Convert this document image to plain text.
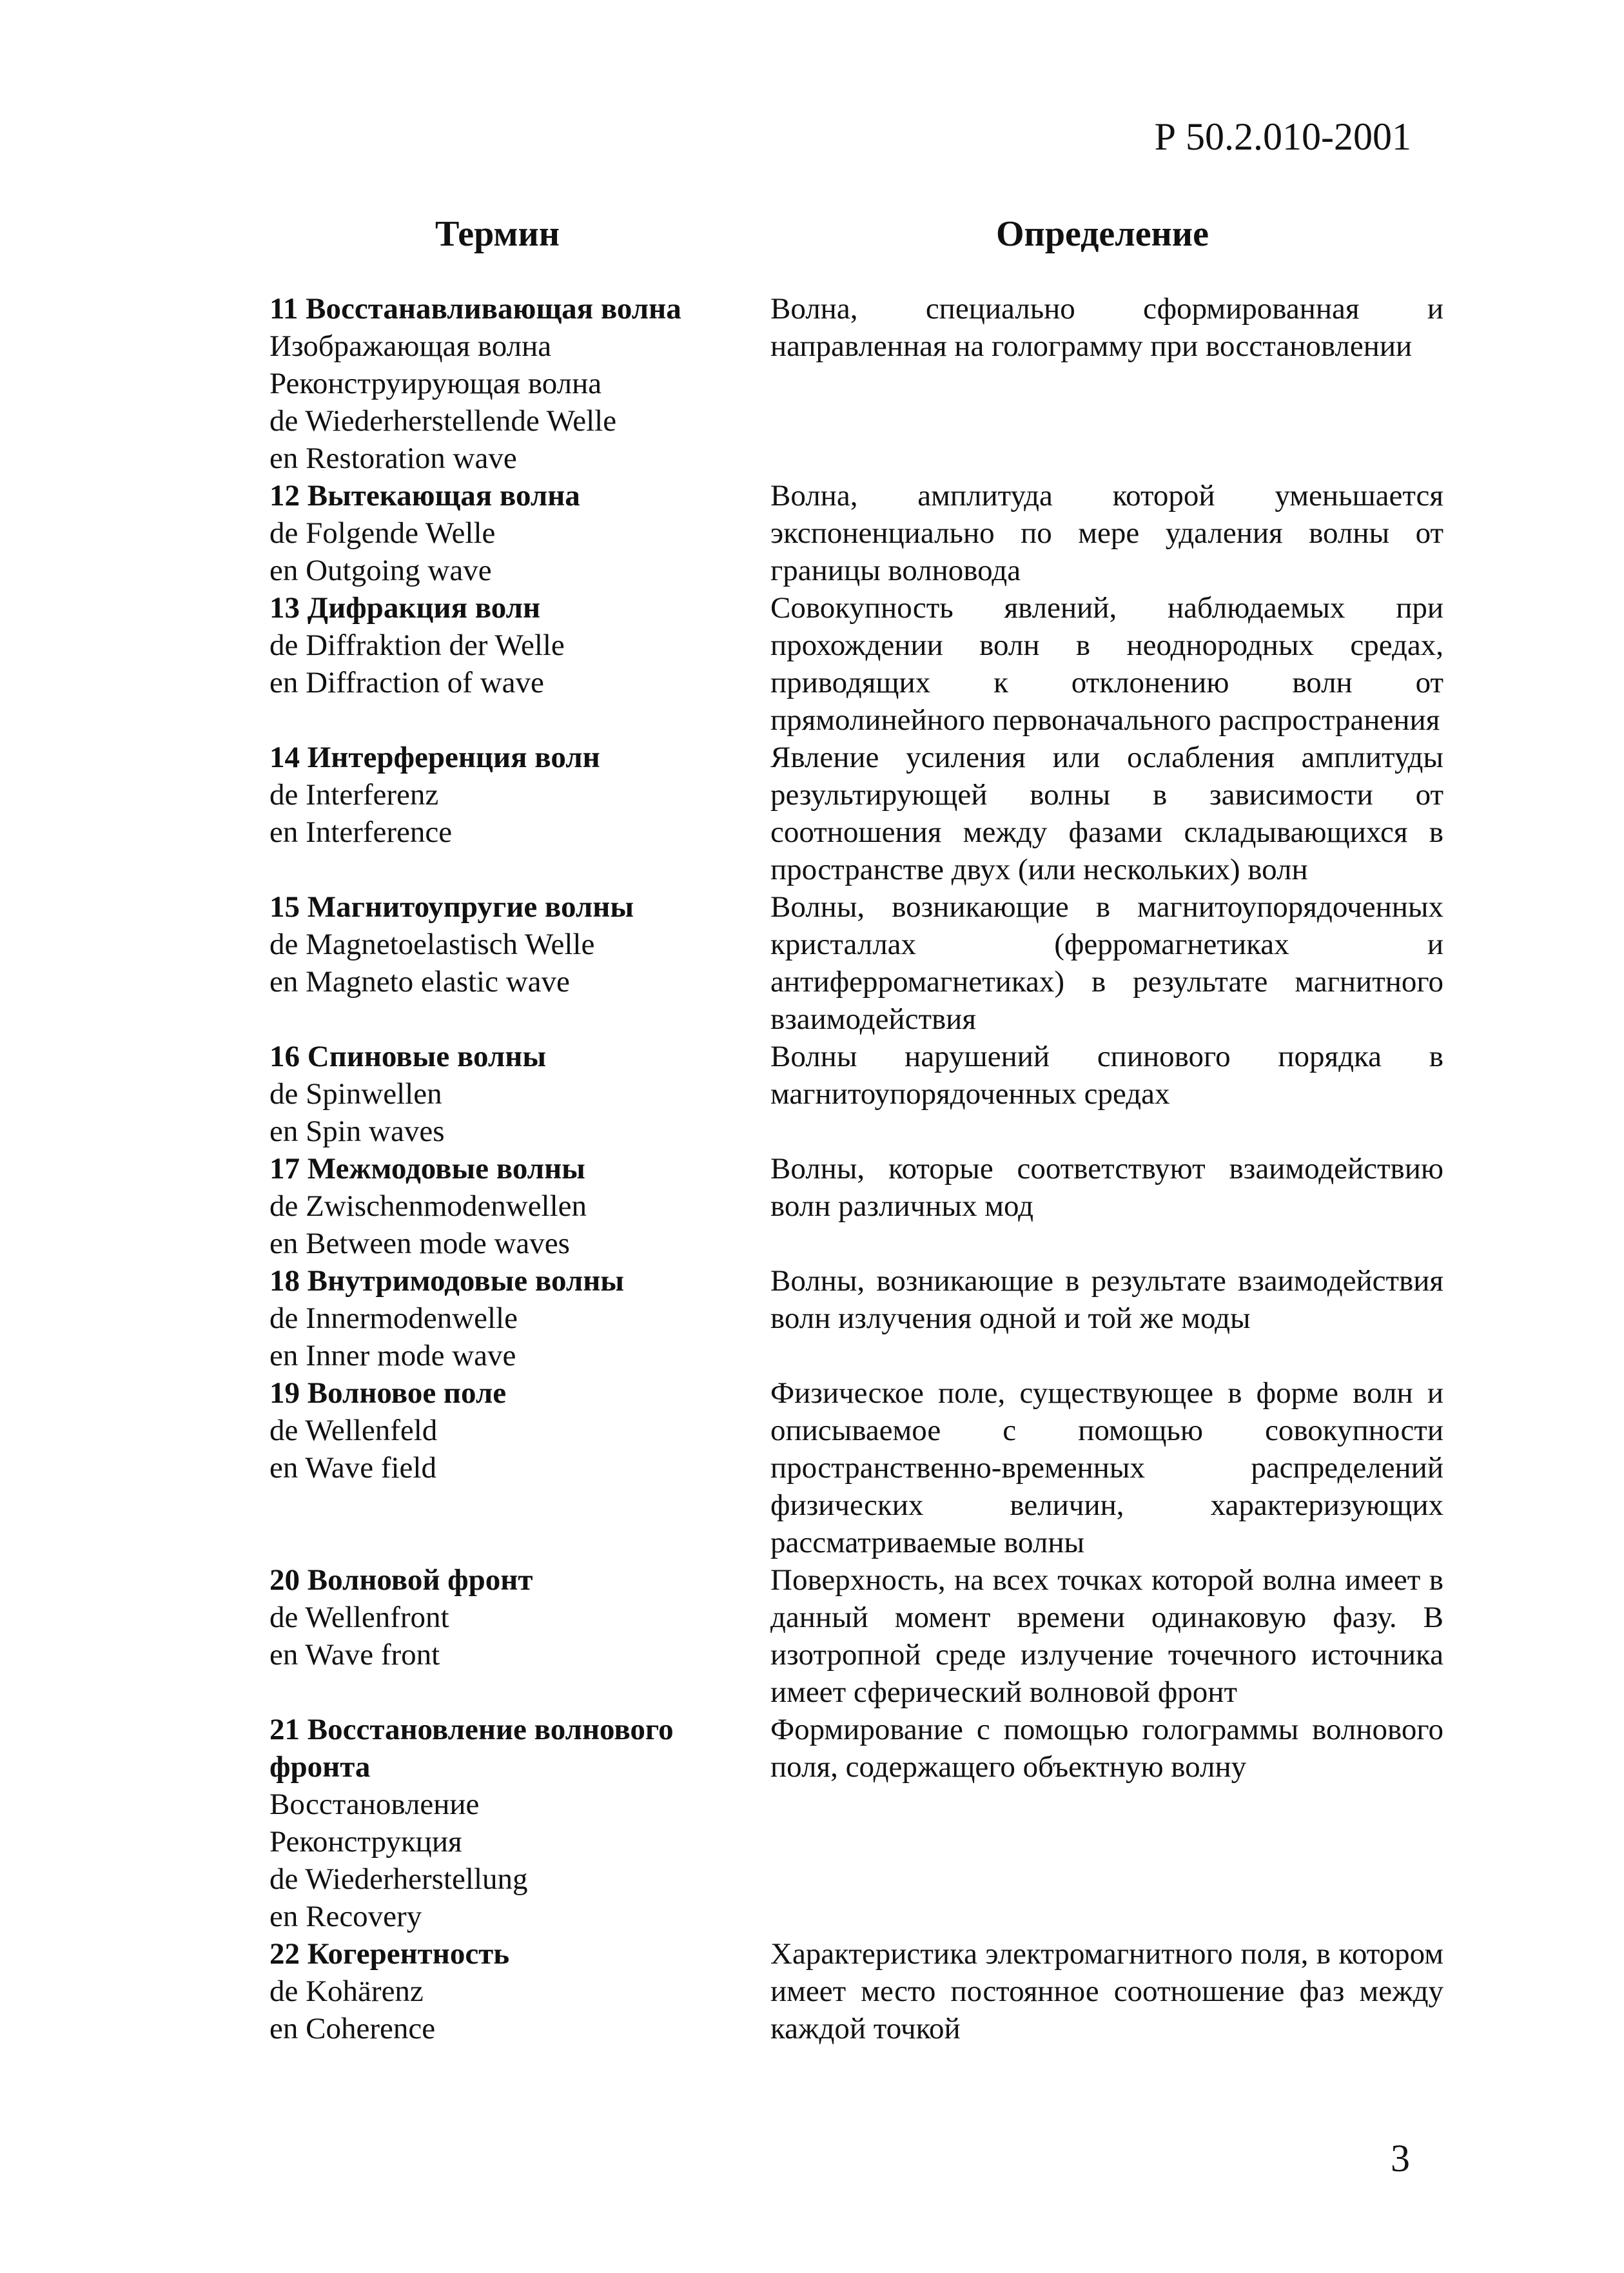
Р 50.2.010-2001
Термин	Определение
11 Восстанавливающая волна
Изображающая волна
Реконструирующая волна
de Wiederherstellende Welle
en Restoration wave
Волна, специально сформированная и направленная на голограмму при восстановлении
12 Вытекающая волна
de Folgende Welle
en Outgoing wave
Волна, амплитуда которой уменьшается экспоненциально по мере удаления волны от границы волновода
13 Дифракция волн
de Diffraktion der Welle
en Diffraction of wave
Совокупность явлений, наблюдаемых при прохождении волн в неоднородных средах, приводящих к отклонению волн от прямолинейного первоначального распространения
14 Интерференция волн
de Interferenz
en Interference
Явление усиления или ослабления амплитуды результирующей волны в зависимости от соотношения между фазами складывающихся в пространстве двух (или нескольких) волн
15 Магнитоупругие волны
de Magnetoelastisch Welle
en Magneto elastic wave
Волны, возникающие в магнитоупорядоченных кристаллах (ферромагнетиках и антиферромагнетиках) в результате магнитного взаимодействия
16 Спиновые волны
de Spinwellen
en Spin waves
Волны нарушений спинового порядка в магнитоупорядоченных средах
17 Межмодовые волны
de Zwischenmodenwellen
en Between mode waves
Волны, которые соответствуют взаимодействию волн различных мод
18 Внутримодовые волны
de Innermodenwelle
en Inner mode wave
Волны, возникающие в результате взаимодействия волн излучения одной и той же моды
19 Волновое поле
de Wellenfeld
en Wave field
Физическое поле, существующее в форме волн и описываемое с помощью совокупности пространственно-временных распределений физических величин, характеризующих рассматриваемые волны
20 Волновой фронт
de Wellenfront
en Wave front
Поверхность, на всех точках которой волна имеет в данный момент времени одинаковую фазу. В изотропной среде излучение точечного источника имеет сферический волновой фронт
21 Восстановление волнового
фронта
Восстановление
Реконструкция
de Wiederherstellung
en Recovery
Формирование с помощью голограммы волнового поля, содержащего объектную волну
22 Когерентность
de Kohärenz
en Coherence
Характеристика электромагнитного поля, в котором имеет место постоянное соотношение фаз между каждой точкой
3
